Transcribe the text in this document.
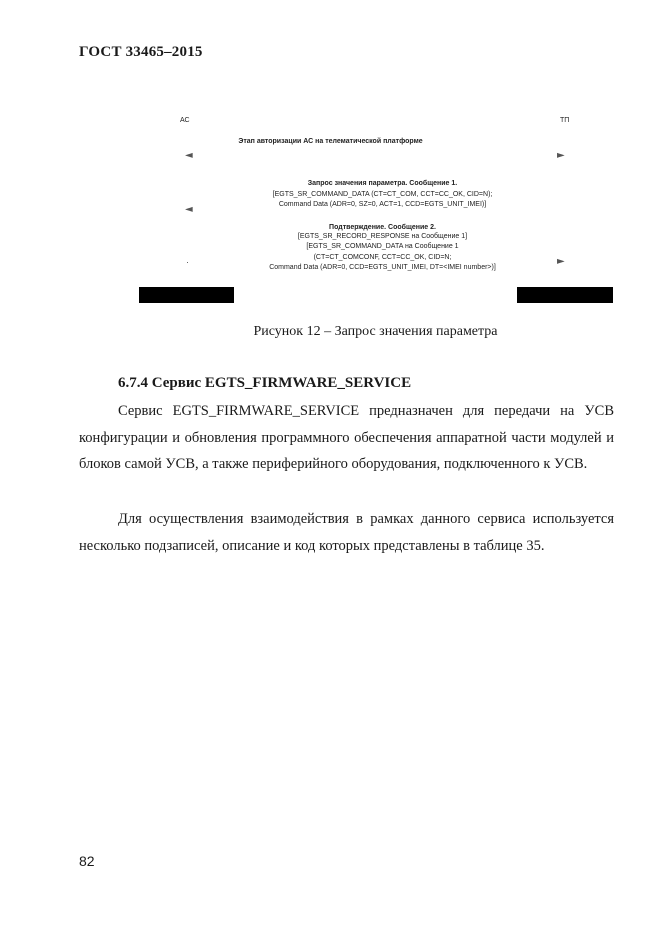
ГОСТ 33465–2015
АС	ТП
Этап авторизации АС на телематической платформе
◄	►
Запрос значения параметра. Сообщение 1.
[EGTS_SR_COMMAND_DATA (CT=CT_COM, CCT=CC_OK, CID=N);
Command Data (ADR=0, SZ=0, ACT=1, CCD=EGTS_UNIT_IMEI)]
◄
Подтверждение. Сообщение 2.
[EGTS_SR_RECORD_RESPONSE на Сообщение 1]
[EGTS_SR_COMMAND_DATA на Сообщение 1
(CT=CT_COMCONF, CCT=CC_OK, CID=N;
Command Data (ADR=0, CCD=EGTS_UNIT_IMEI, DT=<IMEI number>)]
►
Рисунок 12 – Запрос значения параметра
6.7.4 Сервис EGTS_FIRMWARE_SERVICE
Сервис EGTS_FIRMWARE_SERVICE предназначен для передачи на УСВ конфигурации и обновления программного обеспечения аппаратной части модулей и блоков самой УСВ, а также периферийного оборудования, подключенного к УСВ.
Для осуществления взаимодействия в рамках данного сервиса используется несколько подзаписей, описание и код которых представлены в таблице 35.
82
